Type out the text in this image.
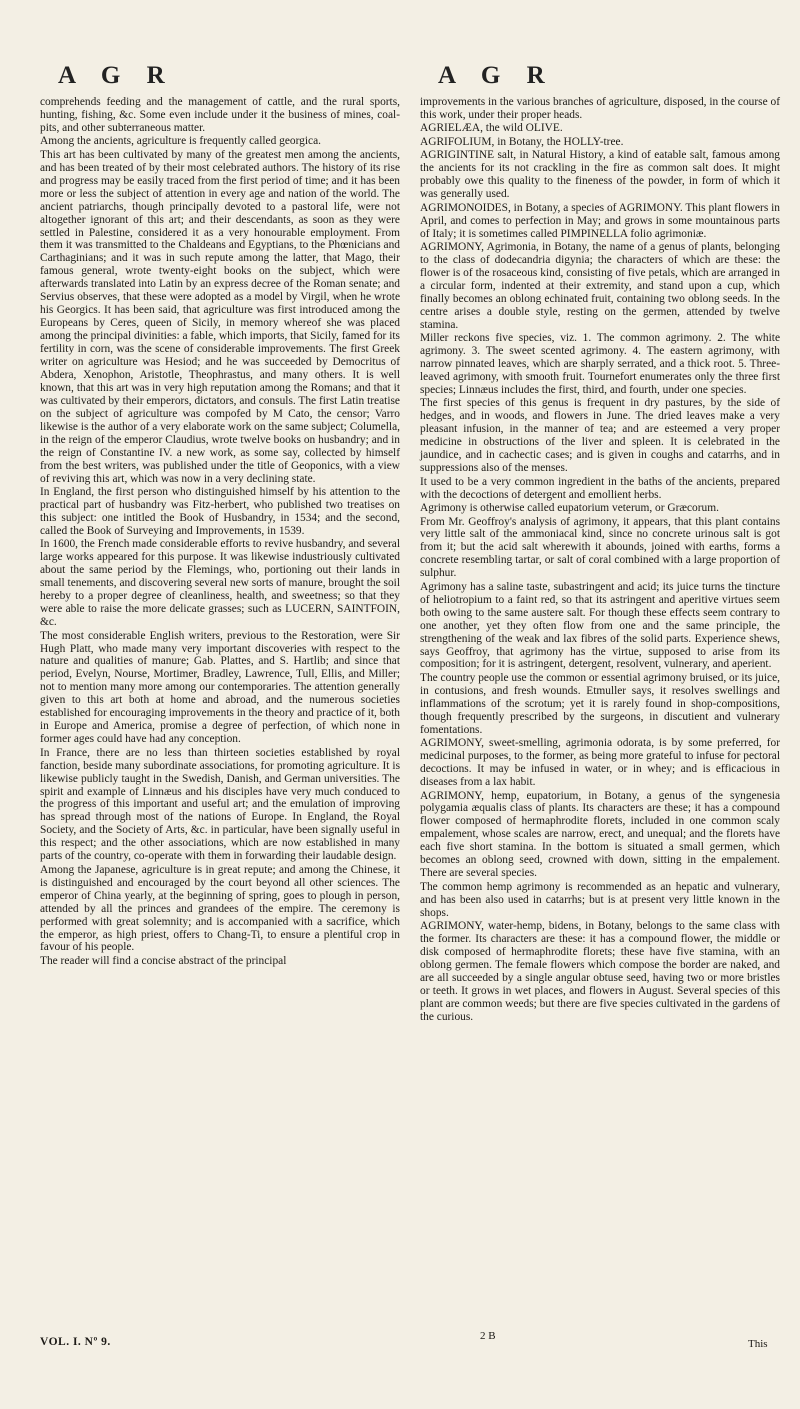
A G R	A G R

comprehends feeding and the management of cattle, and the rural sports, hunting, fishing, &c. Some even include under it the business of mines, coal-pits, and other subterraneous matter.

Among the ancients, agriculture is frequently called georgica.

This art has been cultivated by many of the greatest men among the ancients, and has been treated of by their most celebrated authors. The history of its rise and progress may be easily traced from the first period of time; and it has been more or less the subject of attention in every age and nation of the world. The ancient patriarchs, though principally devoted to a pastoral life, were not altogether ignorant of this art; and their descendants, as soon as they were settled in Palestine, considered it as a very honourable employment. From them it was transmitted to the Chaldeans and Egyptians, to the Phœnicians and Carthaginians; and it was in such repute among the latter, that Mago, their famous general, wrote twenty-eight books on the subject, which were afterwards translated into Latin by an express decree of the Roman senate; and Servius observes, that these were adopted as a model by Virgil, when he wrote his Georgics. It has been said, that agriculture was first introduced among the Europeans by Ceres, queen of Sicily, in memory whereof she was placed among the principal divinities: a fable, which imports, that Sicily, famed for its fertility in corn, was the scene of considerable improvements. The first Greek writer on agriculture was Hesiod; and he was succeeded by Democritus of Abdera, Xenophon, Aristotle, Theophrastus, and many others. It is well known, that this art was in very high reputation among the Romans; and that it was cultivated by their emperors, dictators, and consuls. The first Latin treatise on the subject of agriculture was compofed by M Cato, the censor; Varro likewise is the author of a very elaborate work on the same subject; Columella, in the reign of the emperor Claudius, wrote twelve books on husbandry; and in the reign of Constantine IV. a new work, as some say, collected by himself from the best writers, was published under the title of Geoponics, with a view of reviving this art, which was now in a very declining state.

In England, the first person who distinguished himself by his attention to the practical part of husbandry was Fitz-herbert, who published two treatises on this subject: one intitled the Book of Husbandry, in 1534; and the second, called the Book of Surveying and Improvements, in 1539.

In 1600, the French made considerable efforts to revive husbandry, and several large works appeared for this purpose. It was likewise industriously cultivated about the same period by the Flemings, who, portioning out their lands in small tenements, and discovering several new sorts of manure, brought the soil hereby to a proper degree of cleanliness, health, and sweetness; so that they were able to raise the more delicate grasses; such as LUCERN, SAINTFOIN, &c.

The most considerable English writers, previous to the Restoration, were Sir Hugh Platt, who made many very important discoveries with respect to the nature and qualities of manure; Gab. Plattes, and S. Hartlib; and since that period, Evelyn, Nourse, Mortimer, Bradley, Lawrence, Tull, Ellis, and Miller; not to mention many more among our contemporaries. The attention generally given to this art both at home and abroad, and the numerous societies established for encouraging improvements in the theory and practice of it, both in Europe and America, promise a degree of perfection, of which none in former ages could have had any conception.

In France, there are no less than thirteen societies established by royal fanction, beside many subordinate associations, for promoting agriculture. It is likewise publicly taught in the Swedish, Danish, and German universities. The spirit and example of Linnæus and his disciples have very much conduced to the progress of this important and useful art; and the emulation of improving has spread through most of the nations of Europe. In England, the Royal Society, and the Society of Arts, &c. in particular, have been signally useful in this respect; and the other associations, which are now established in many parts of the country, co-operate with them in forwarding their laudable design.

Among the Japanese, agriculture is in great repute; and among the Chinese, it is distinguished and encouraged by the court beyond all other sciences. The emperor of China yearly, at the beginning of spring, goes to plough in person, attended by all the princes and grandees of the empire. The ceremony is performed with great solemnity; and is accompanied with a sacrifice, which the emperor, as high priest, offers to Chang-Ti, to ensure a plentiful crop in favour of his people.

The reader will find a concise abstract of the principal

improvements in the various branches of agriculture, disposed, in the course of this work, under their proper heads.

AGRIELÆA, the wild OLIVE.

AGRIFOLIUM, in Botany, the HOLLY-tree.

AGRIGINTINE salt, in Natural History, a kind of eatable salt, famous among the ancients for its not crackling in the fire as common salt does. It might probably owe this quality to the fineness of the powder, in form of which it was generally used.

AGRIMONOIDES, in Botany, a species of AGRIMONY. This plant flowers in April, and comes to perfection in May; and grows in some mountainous parts of Italy; it is sometimes called PIMPINELLA folio agrimoniæ.

AGRIMONY, Agrimonia, in Botany, the name of a genus of plants, belonging to the class of dodecandria digynia; the characters of which are these: the flower is of the rosaceous kind, consisting of five petals, which are arranged in a circular form, indented at their extremity, and stand upon a cup, which finally becomes an oblong echinated fruit, containing two oblong seeds. In the centre arises a double style, resting on the germen, attended by twelve stamina.

Miller reckons five species, viz. 1. The common agrimony. 2. The white agrimony. 3. The sweet scented agrimony. 4. The eastern agrimony, with narrow pinnated leaves, which are sharply serrated, and a thick root. 5. Three-leaved agrimony, with smooth fruit. Tournefort enumerates only the three first species; Linnæus includes the first, third, and fourth, under one species.

The first species of this genus is frequent in dry pastures, by the side of hedges, and in woods, and flowers in June. The dried leaves make a very pleasant infusion, in the manner of tea; and are esteemed a very proper medicine in obstructions of the liver and spleen. It is celebrated in the jaundice, and in cachectic cases; and is given in coughs and catarrhs, and in suppressions also of the menses.

It used to be a very common ingredient in the baths of the ancients, prepared with the decoctions of detergent and emollient herbs.

Agrimony is otherwise called eupatorium veterum, or Græcorum.

From Mr. Geoffroy's analysis of agrimony, it appears, that this plant contains very little salt of the ammoniacal kind, since no concrete urinous salt is got from it; but the acid salt wherewith it abounds, joined with earths, forms a concrete resembling tartar, or salt of coral combined with a large proportion of sulphur.

Agrimony has a saline taste, subastringent and acid; its juice turns the tincture of heliotropium to a faint red, so that its astringent and aperitive virtues seem both owing to the same austere salt. For though these effects seem contrary to one another, yet they often flow from one and the same principle, the strengthening of the weak and lax fibres of the solid parts. Experience shews, says Geoffroy, that agrimony has the virtue, supposed to arise from its composition; for it is astringent, detergent, resolvent, vulnerary, and aperient.

The country people use the common or essential agrimony bruised, or its juice, in contusions, and fresh wounds. Etmuller says, it resolves swellings and inflammations of the scrotum; yet it is rarely found in shop-compositions, though frequently prescribed by the surgeons, in discutient and vulnerary fomentations.

AGRIMONY, sweet-smelling, agrimonia odorata, is by some preferred, for medicinal purposes, to the former, as being more grateful to infuse for pectoral decoctions. It may be infused in water, or in whey; and is efficacious in diseases from a lax habit.

AGRIMONY, hemp, eupatorium, in Botany, a genus of the syngenesia polygamia æqualis class of plants. Its characters are these; it has a compound flower composed of hermaphrodite florets, included in one common scaly empalement, whose scales are narrow, erect, and unequal; and the florets have each five short stamina. In the bottom is situated a small germen, which becomes an oblong seed, crowned with down, sitting in the empalement. There are several species.

The common hemp agrimony is recommended as an hepatic and vulnerary, and has been also used in catarrhs; but is at present very little known in the shops.

AGRIMONY, water-hemp, bidens, in Botany, belongs to the same class with the former. Its characters are these: it has a compound flower, the middle or disk composed of hermaphrodite florets; these have five stamina, with an oblong germen. The female flowers which compose the border are naked, and are all succeeded by a single angular obtuse seed, having two or more bristles or teeth. It grows in wet places, and flowers in August. Several species of this plant are common weeds; but there are five species cultivated in the gardens of the curious.

VOL. I. Nº 9.	2 B
This
